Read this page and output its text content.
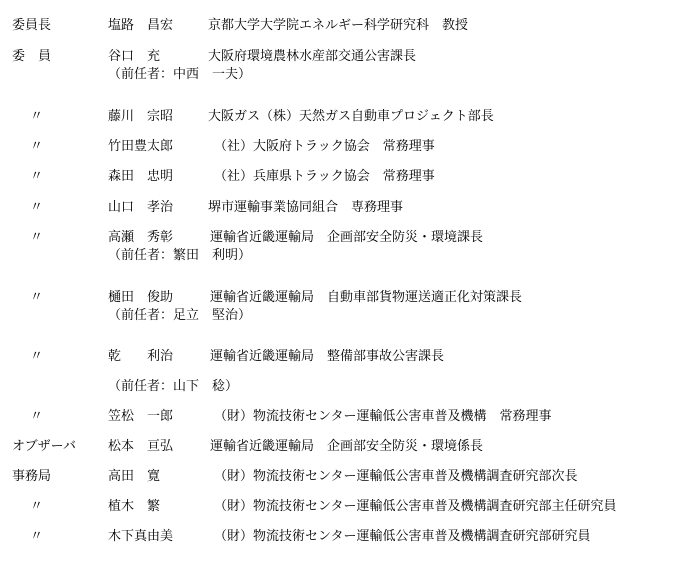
委員長	塩路　昌宏	京都大学大学院エネルギー科学研究科　教授
委　員	谷口　充	大阪府環境農林水産部交通公害課長
（前任者：中西　一夫）
〃	藤川　宗昭	大阪ガス（株）天然ガス自動車プロジェクト部長
〃	竹田豊太郎	（社）大阪府トラック協会　常務理事
〃	森田　忠明	（社）兵庫県トラック協会　常務理事
〃	山口　孝治	堺市運輸事業協同組合　専務理事
〃	高瀬　秀彰	運輸省近畿運輸局　企画部安全防災・環境課長
（前任者：繁田　利明）
〃	樋田　俊助	運輸省近畿運輸局　自動車部貨物運送適正化対策課長
（前任者：足立　堅治）
〃	乾　　利治	運輸省近畿運輸局　整備部事故公害課長
（前任者：山下　稔）
〃	笠松　一郎	（財）物流技術センター運輸低公害車普及機構　常務理事
オブザーバ 松本　亘弘	運輸省近畿運輸局　企画部安全防災・環境係長
事務局	高田　寛	（財）物流技術センター運輸低公害車普及機構調査研究部次長
〃	植木　繁	（財）物流技術センター運輸低公害車普及機構調査研究部主任研究員
〃	木下真由美	（財）物流技術センター運輸低公害車普及機構調査研究部研究員
